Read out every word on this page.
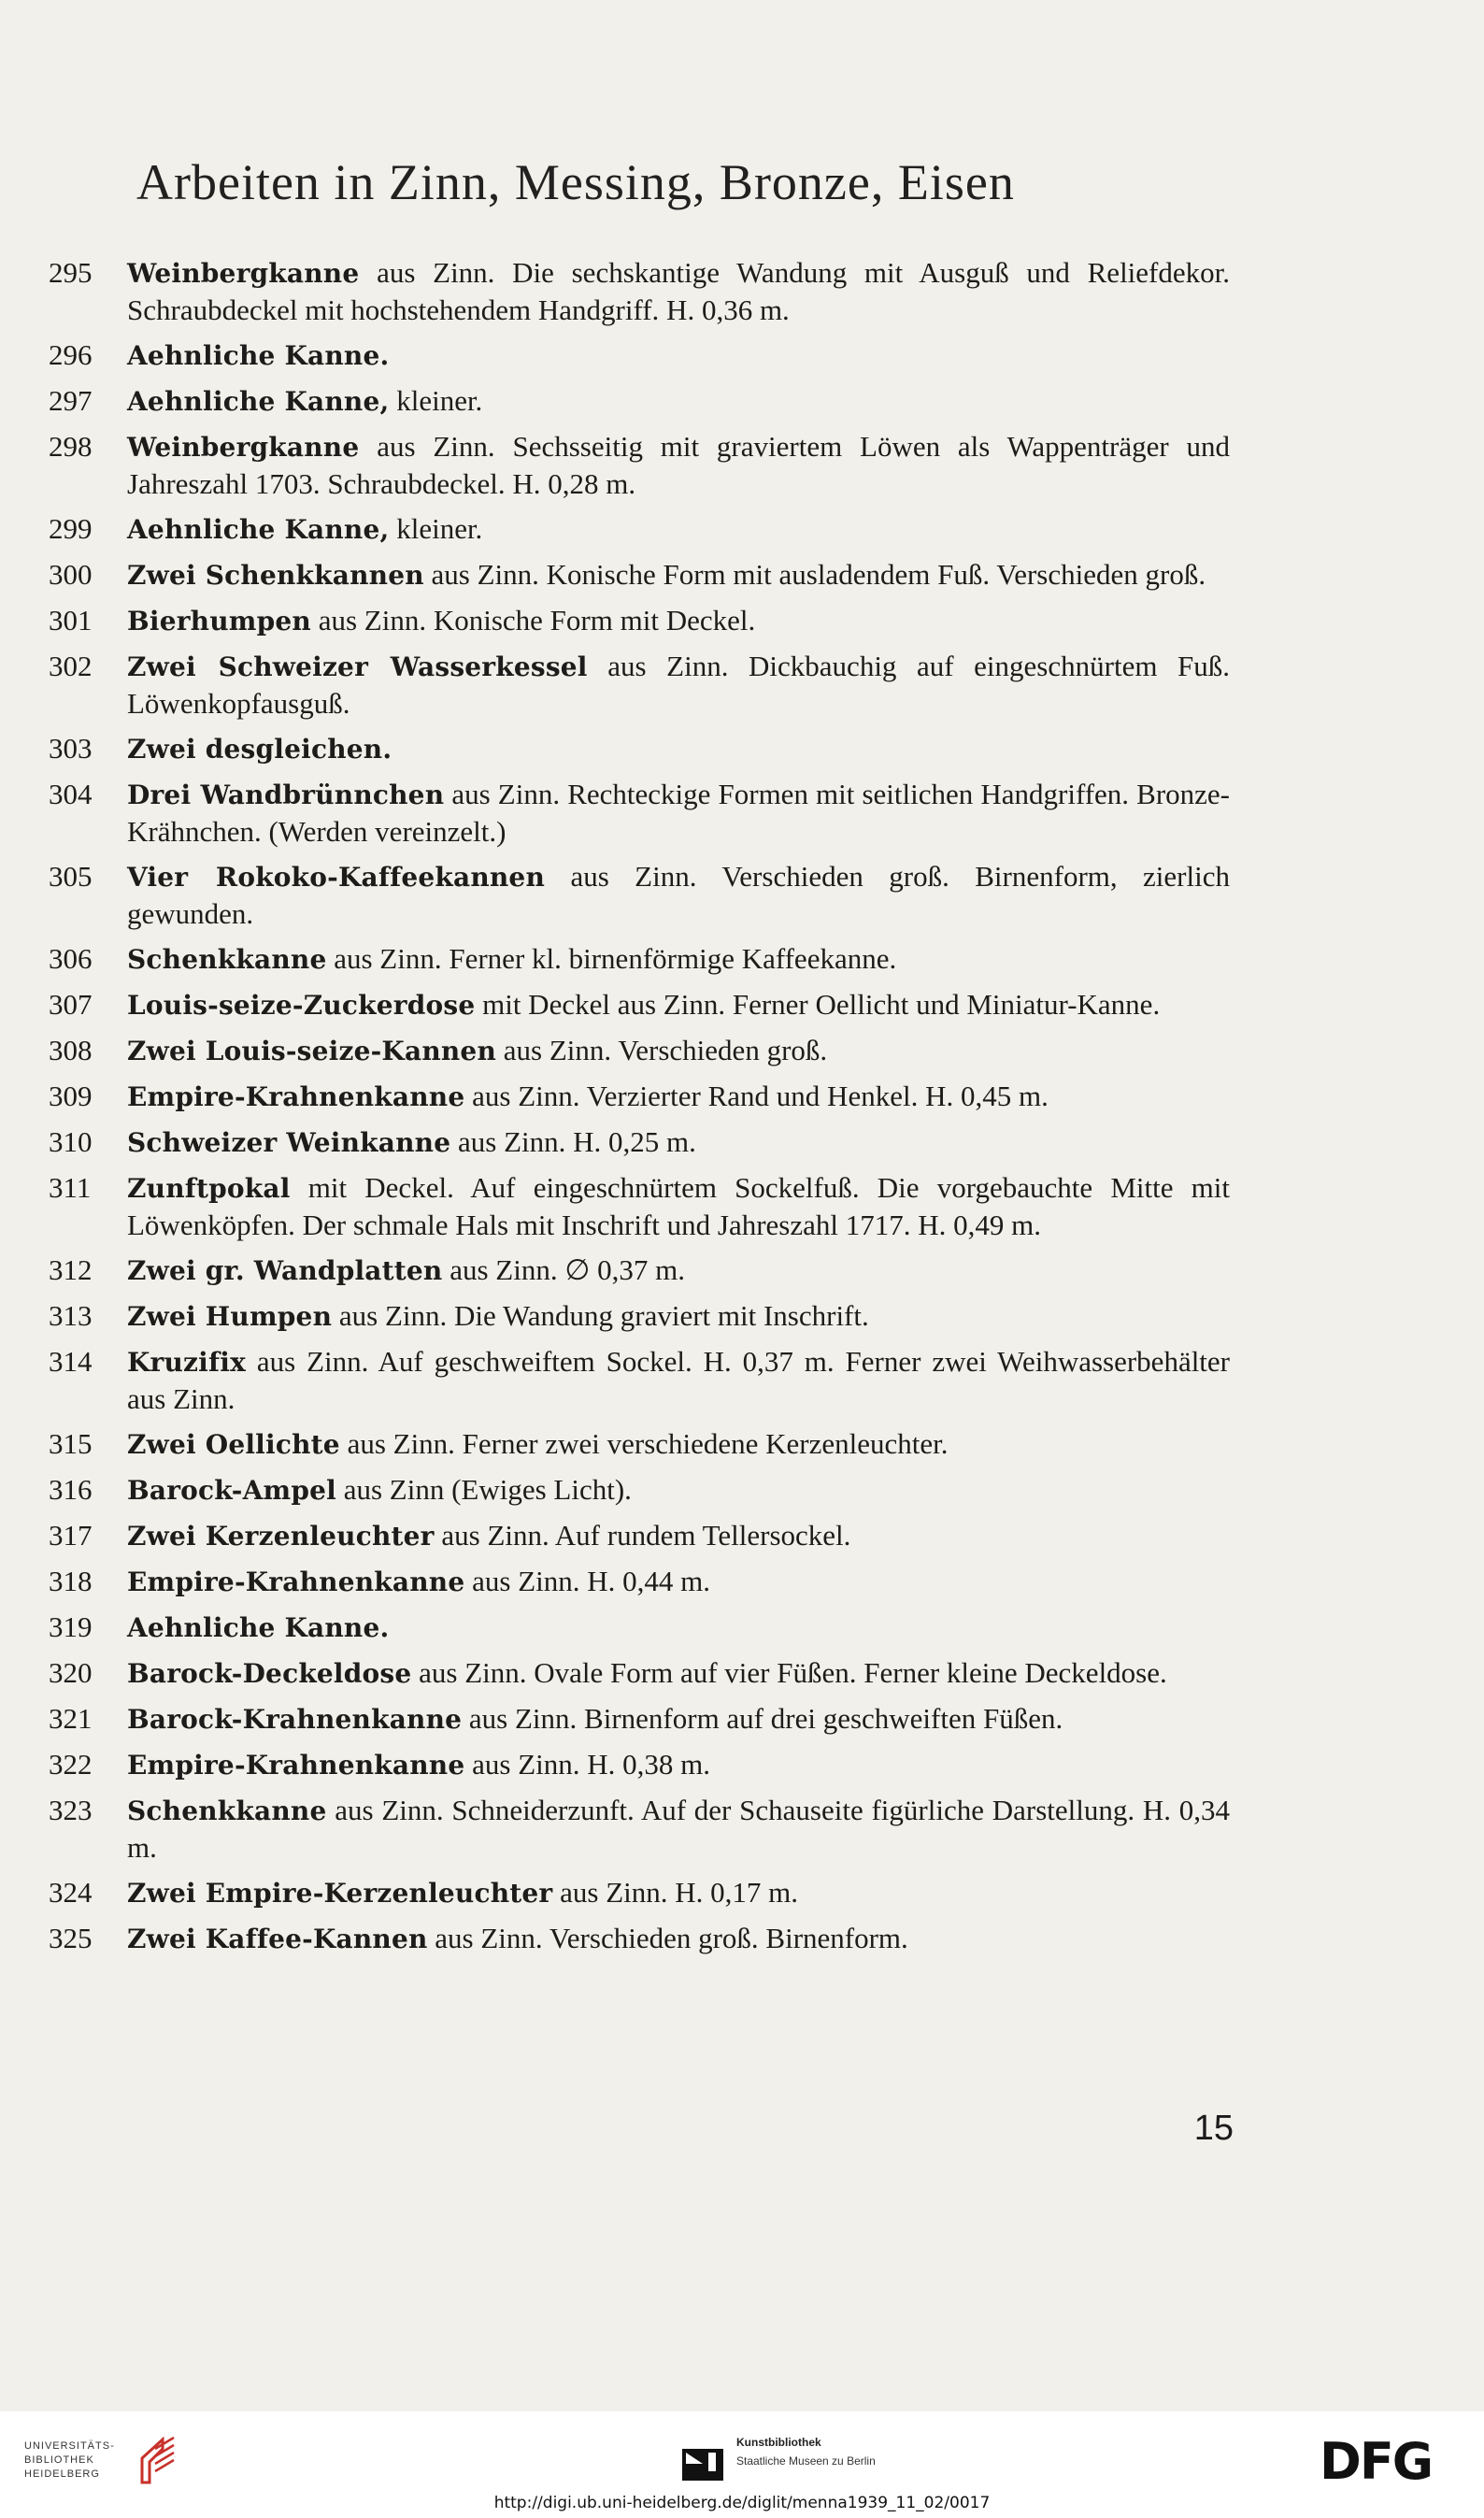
Arbeiten in Zinn, Messing, Bronze, Eisen
295	Weinbergkanne aus Zinn. Die sechskantige Wandung mit Ausguß und Reliefdekor. Schraubdeckel mit hochstehendem Handgriff. H. 0,36 m.
296	Aehnliche Kanne.
297	Aehnliche Kanne, kleiner.
298	Weinbergkanne aus Zinn. Sechsseitig mit graviertem Löwen als Wappenträger und Jahreszahl 1703. Schraubdeckel. H. 0,28 m.
299	Aehnliche Kanne, kleiner.
300	Zwei Schenkkannen aus Zinn. Konische Form mit ausladendem Fuß. Verschieden groß.
301	Bierhumpen aus Zinn. Konische Form mit Deckel.
302	Zwei Schweizer Wasserkessel aus Zinn. Dickbauchig auf eingeschnürtem Fuß. Löwenkopfausguß.
303	Zwei desgleichen.
304	Drei Wandbrünnchen aus Zinn. Rechteckige Formen mit seitlichen Handgriffen. Bronze-Krähnchen. (Werden vereinzelt.)
305	Vier Rokoko-Kaffeekannen aus Zinn. Verschieden groß. Birnenform, zierlich gewunden.
306	Schenkkanne aus Zinn. Ferner kl. birnenförmige Kaffeekanne.
307	Louis-seize-Zuckerdose mit Deckel aus Zinn. Ferner Oellicht und Miniatur-Kanne.
308	Zwei Louis-seize-Kannen aus Zinn. Verschieden groß.
309	Empire-Krahnenkanne aus Zinn. Verzierter Rand und Henkel. H. 0,45 m.
310	Schweizer Weinkanne aus Zinn. H. 0,25 m.
311	Zunftpokal mit Deckel. Auf eingeschnürtem Sockelfuß. Die vorgebauchte Mitte mit Löwenköpfen. Der schmale Hals mit Inschrift und Jahreszahl 1717. H. 0,49 m.
312	Zwei gr. Wandplatten aus Zinn. ∅ 0,37 m.
313	Zwei Humpen aus Zinn. Die Wandung graviert mit Inschrift.
314	Kruzifix aus Zinn. Auf geschweiftem Sockel. H. 0,37 m. Ferner zwei Weihwasserbehälter aus Zinn.
315	Zwei Oellichte aus Zinn. Ferner zwei verschiedene Kerzenleuchter.
316	Barock-Ampel aus Zinn (Ewiges Licht).
317	Zwei Kerzenleuchter aus Zinn. Auf rundem Tellersockel.
318	Empire-Krahnenkanne aus Zinn. H. 0,44 m.
319	Aehnliche Kanne.
320	Barock-Deckeldose aus Zinn. Ovale Form auf vier Füßen. Ferner kleine Deckeldose.
321	Barock-Krahnenkanne aus Zinn. Birnenform auf drei geschweiften Füßen.
322	Empire-Krahnenkanne aus Zinn. H. 0,38 m.
323	Schenkkanne aus Zinn. Schneiderzunft. Auf der Schauseite figürliche Darstellung. H. 0,34 m.
324	Zwei Empire-Kerzenleuchter aus Zinn. H. 0,17 m.
325	Zwei Kaffee-Kannen aus Zinn. Verschieden groß. Birnenform.
15
UNIVERSITÄTS-
BIBLIOTHEK
HEIDELBERG
Kunstbibliothek
Staatliche Museen zu Berlin	DFG
http://digi.ub.uni-heidelberg.de/diglit/menna1939_11_02/0017
